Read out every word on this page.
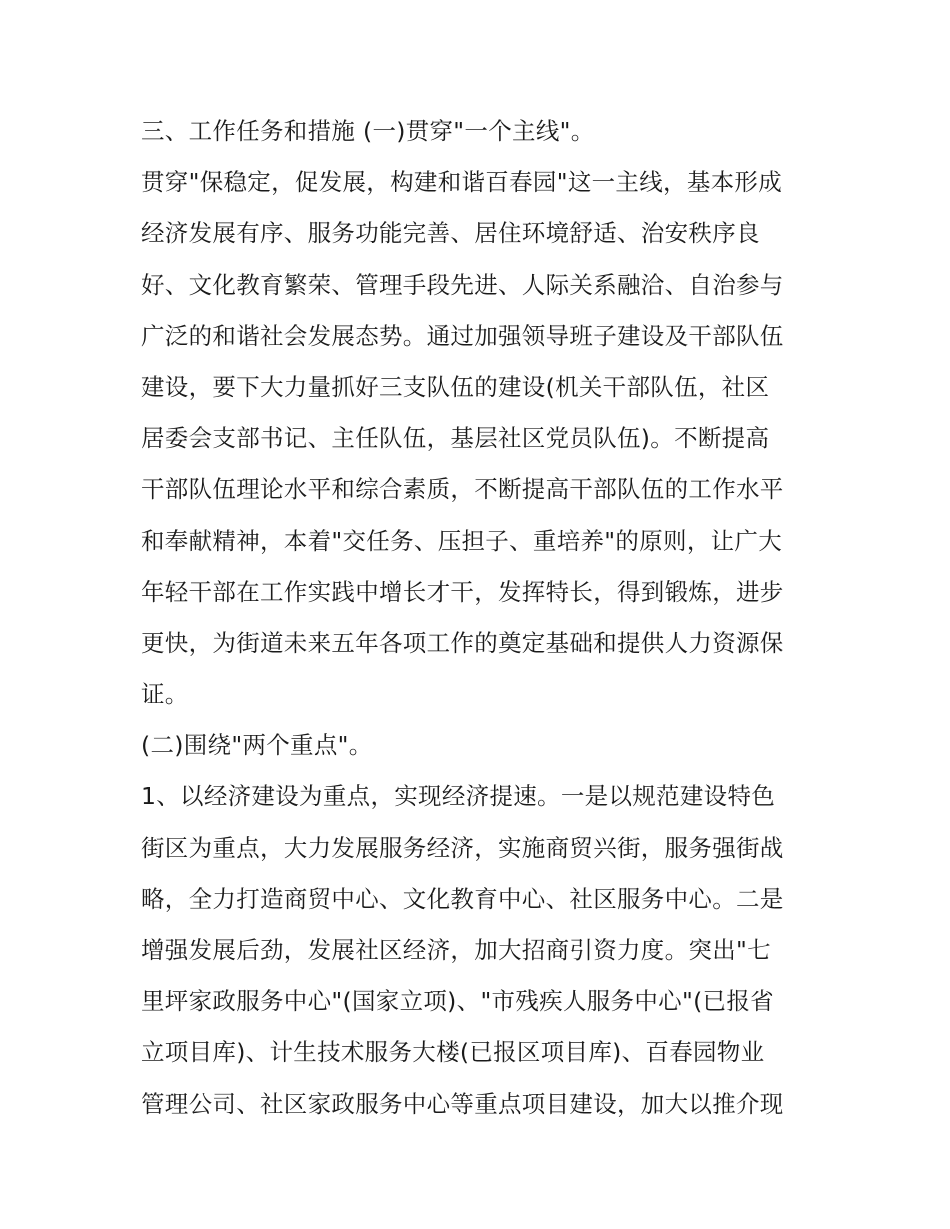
三、工作任务和措施 (一)贯穿"一个主线"。
贯穿"保稳定，促发展，构建和谐百春园"这一主线，基本形成
经济发展有序、服务功能完善、居住环境舒适、治安秩序良
好、文化教育繁荣、管理手段先进、人际关系融洽、自治参与
广泛的和谐社会发展态势。通过加强领导班子建设及干部队伍
建设，要下大力量抓好三支队伍的建设(机关干部队伍，社区
居委会支部书记、主任队伍，基层社区党员队伍)。不断提高
干部队伍理论水平和综合素质，不断提高干部队伍的工作水平
和奉献精神，本着"交任务、压担子、重培养"的原则，让广大
年轻干部在工作实践中增长才干，发挥特长，得到锻炼，进步
更快，为街道未来五年各项工作的奠定基础和提供人力资源保
证。
(二)围绕"两个重点"。
1、以经济建设为重点，实现经济提速。一是以规范建设特色
街区为重点，大力发展服务经济，实施商贸兴街，服务强街战
略，全力打造商贸中心、文化教育中心、社区服务中心。二是
增强发展后劲，发展社区经济，加大招商引资力度。突出"七
里坪家政服务中心"(国家立项)、"市残疾人服务中心"(已报省
立项目库)、计生技术服务大楼(已报区项目库)、百春园物业
管理公司、社区家政服务中心等重点项目建设，加大以推介现
